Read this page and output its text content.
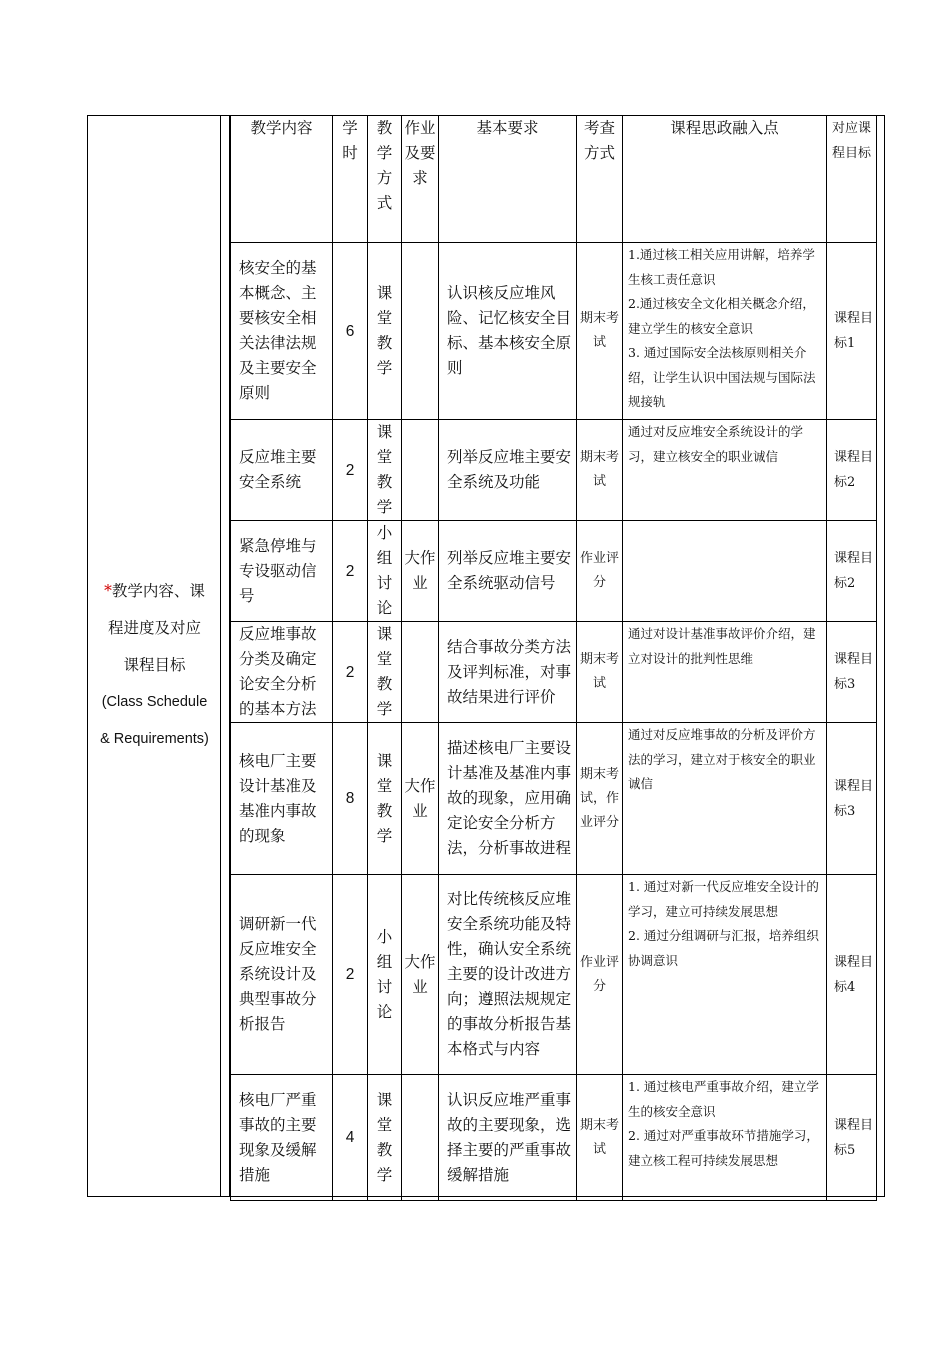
*教学内容、课
程进度及对应
课程目标
(Class Schedule
& Requirements)
教学内容	学时	教学方式	作业及要求	基本要求	考查方式	课程思政融入点	对应课程目标
核安全的基本概念、主要核安全相关法律法规及主要安全原则	6	课堂教学		认识核反应堆风险、记忆核安全目标、基本核安全原则	期末考试	1.通过核工相关应用讲解，培养学生核工责任意识
2.通过核安全文化相关概念介绍，建立学生的核安全意识
3. 通过国际安全法核原则相关介绍，让学生认识中国法规与国际法规接轨	课程目标1
反应堆主要安全系统	2	课堂教学		列举反应堆主要安全系统及功能	期末考试	通过对反应堆安全系统设计的学习，建立核安全的职业诚信	课程目标2
紧急停堆与专设驱动信号	2	小组讨论	大作业	列举反应堆主要安全系统驱动信号	作业评分		课程目标2
反应堆事故分类及确定论安全分析的基本方法	2	课堂教学		结合事故分类方法及评判标准，对事故结果进行评价	期末考试	通过对设计基准事故评价介绍，建立对设计的批判性思维	课程目标3
核电厂主要设计基准及基准内事故的现象	8	课堂教学	大作业	描述核电厂主要设计基准及基准内事故的现象，应用确定论安全分析方法，分析事故进程	期末考试，作业评分	通过对反应堆事故的分析及评价方法的学习，建立对于核安全的职业诚信	课程目标3
调研新一代反应堆安全系统设计及典型事故分析报告	2	小组讨论	大作业	对比传统核反应堆安全系统功能及特性，确认安全系统主要的设计改进方向；遵照法规规定的事故分析报告基本格式与内容	作业评分	1. 通过对新一代反应堆安全设计的学习，建立可持续发展思想
2. 通过分组调研与汇报，培养组织协调意识	课程目标4
核电厂严重事故的主要现象及缓解措施	4	课堂教学		认识反应堆严重事故的主要现象，选择主要的严重事故缓解措施	期末考试	1. 通过核电严重事故介绍，建立学生的核安全意识
2. 通过对严重事故环节措施学习，建立核工程可持续发展思想	课程目标5
